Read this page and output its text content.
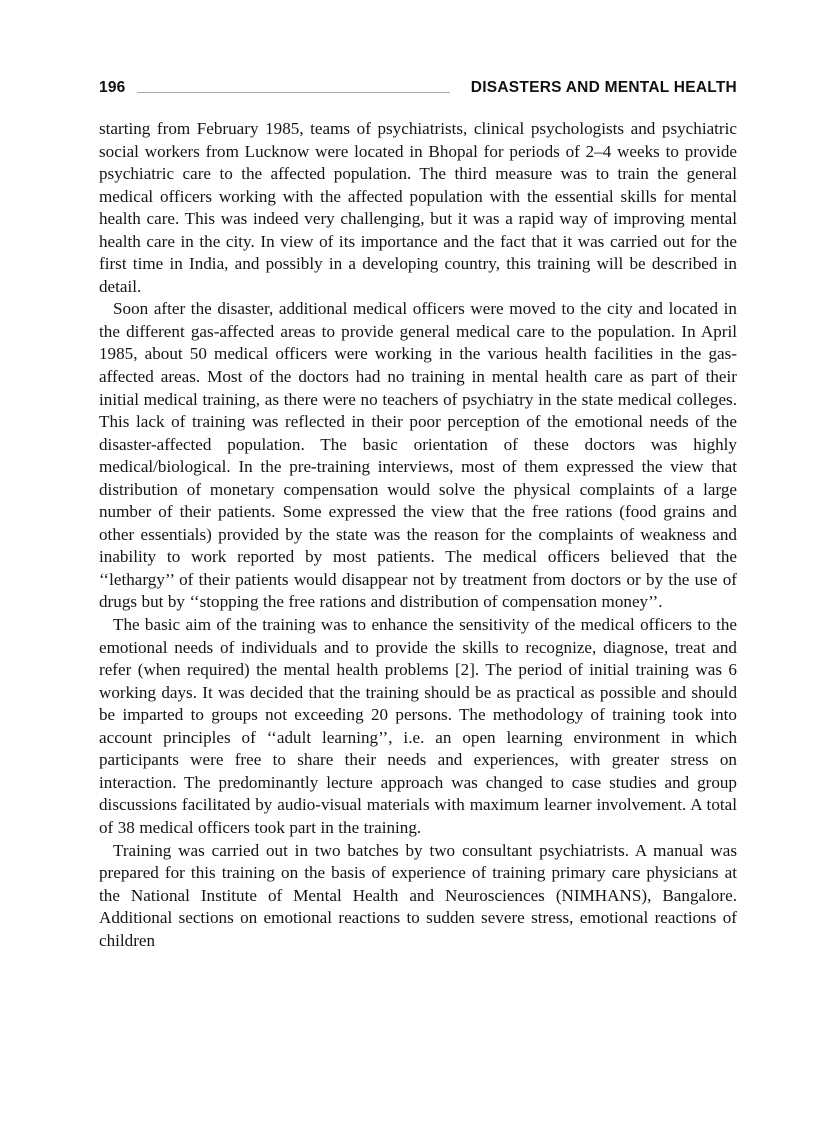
196	DISASTERS AND MENTAL HEALTH

starting from February 1985, teams of psychiatrists, clinical psychologists and psychiatric social workers from Lucknow were located in Bhopal for periods of 2–4 weeks to provide psychiatric care to the affected population. The third measure was to train the general medical officers working with the affected population with the essential skills for mental health care. This was indeed very challenging, but it was a rapid way of improving mental health care in the city. In view of its importance and the fact that it was carried out for the first time in India, and possibly in a developing country, this training will be described in detail.

Soon after the disaster, additional medical officers were moved to the city and located in the different gas-affected areas to provide general medical care to the population. In April 1985, about 50 medical officers were working in the various health facilities in the gas-affected areas. Most of the doctors had no training in mental health care as part of their initial medical training, as there were no teachers of psychiatry in the state medical colleges. This lack of training was reflected in their poor perception of the emotional needs of the disaster-affected population. The basic orientation of these doctors was highly medical/biological. In the pre-training interviews, most of them expressed the view that distribution of monetary compensation would solve the physical complaints of a large number of their patients. Some expressed the view that the free rations (food grains and other essentials) provided by the state was the reason for the complaints of weakness and inability to work reported by most patients. The medical officers believed that the ‘‘lethargy’’ of their patients would disappear not by treatment from doctors or by the use of drugs but by ‘‘stopping the free rations and distribution of compensation money’’.

The basic aim of the training was to enhance the sensitivity of the medical officers to the emotional needs of individuals and to provide the skills to recognize, diagnose, treat and refer (when required) the mental health problems [2]. The period of initial training was 6 working days. It was decided that the training should be as practical as possible and should be imparted to groups not exceeding 20 persons. The methodology of training took into account principles of ‘‘adult learning’’, i.e. an open learning environment in which participants were free to share their needs and experiences, with greater stress on interaction. The predominantly lecture approach was changed to case studies and group discussions facilitated by audio-visual materials with maximum learner involvement. A total of 38 medical officers took part in the training.

Training was carried out in two batches by two consultant psychiatrists. A manual was prepared for this training on the basis of experience of training primary care physicians at the National Institute of Mental Health and Neurosciences (NIMHANS), Bangalore. Additional sections on emotional reactions to sudden severe stress, emotional reactions of children
